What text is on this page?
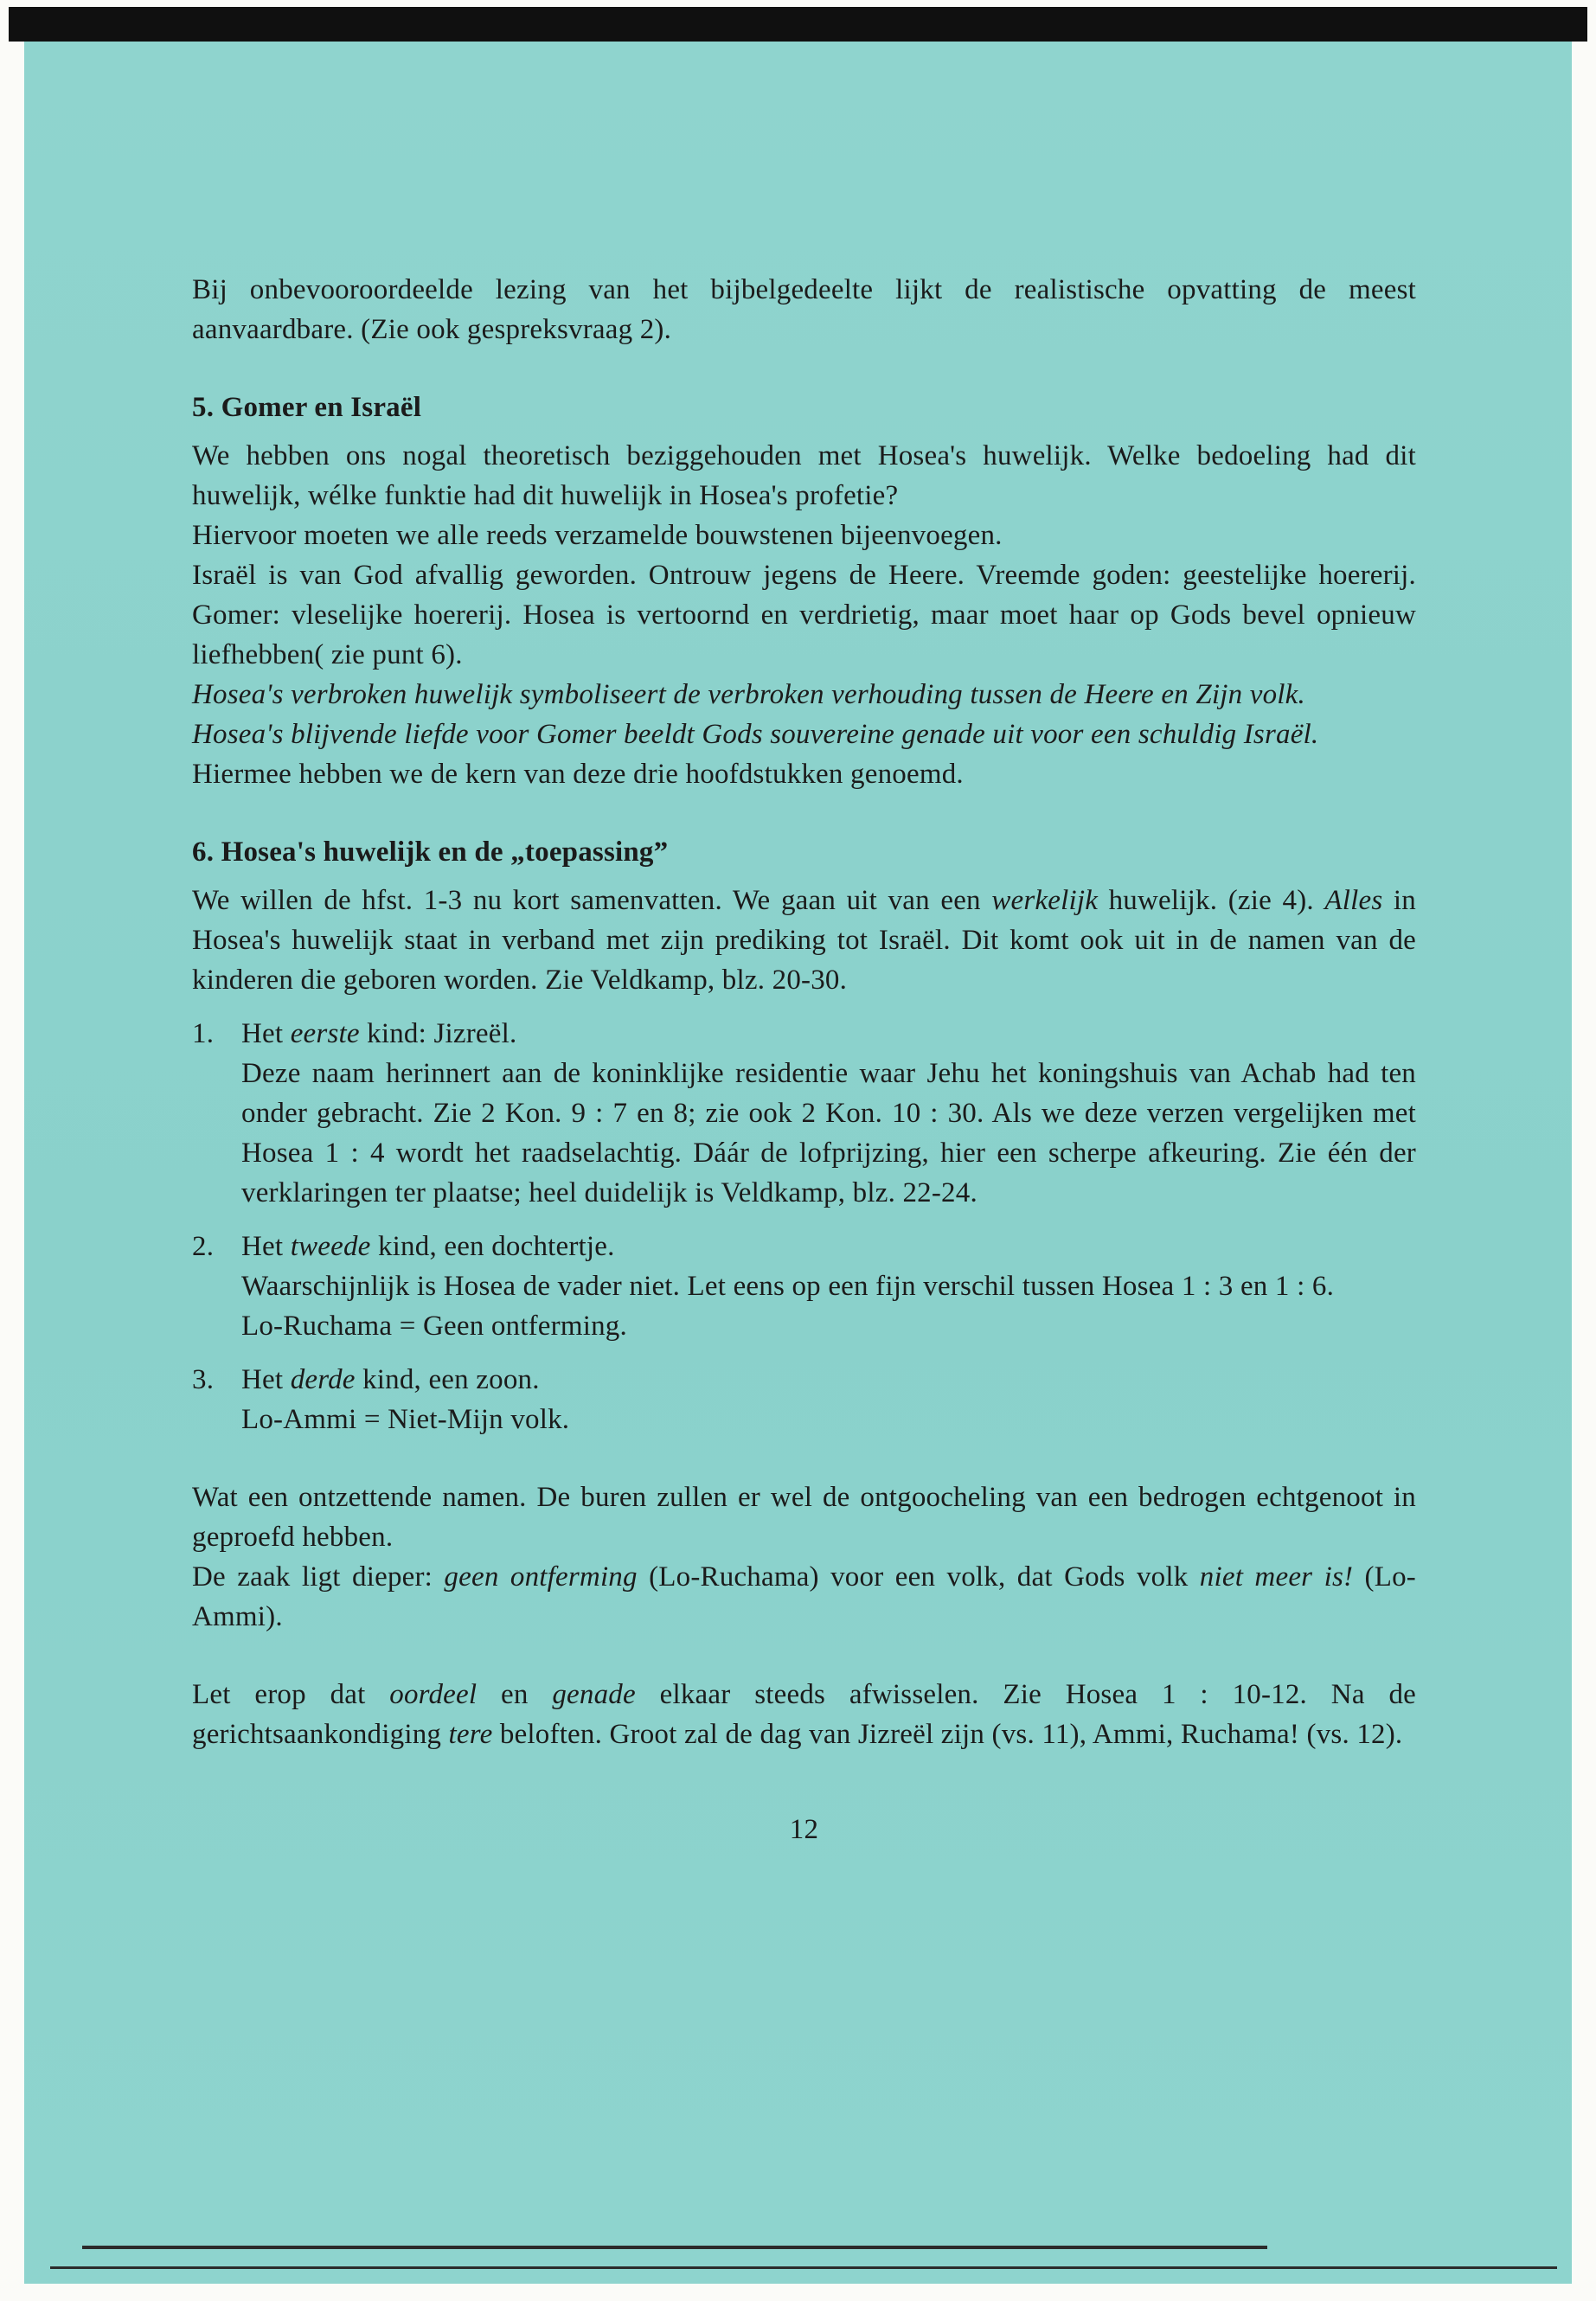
Bij onbevooroordeelde lezing van het bijbelgedeelte lijkt de realistische opvatting de meest aanvaardbare. (Zie ook gespreksvraag 2).
5. Gomer en Israël
We hebben ons nogal theoretisch beziggehouden met Hosea's huwelijk. Welke bedoeling had dit huwelijk, wélke funktie had dit huwelijk in Hosea's profetie?
Hiervoor moeten we alle reeds verzamelde bouwstenen bijeenvoegen.
Israël is van God afvallig geworden. Ontrouw jegens de Heere. Vreemde goden: geestelijke hoererij. Gomer: vleselijke hoererij. Hosea is vertoornd en verdrietig, maar moet haar op Gods bevel opnieuw liefhebben( zie punt 6).
Hosea's verbroken huwelijk symboliseert de verbroken verhouding tussen de Heere en Zijn volk.
Hosea's blijvende liefde voor Gomer beeldt Gods souvereine genade uit voor een schuldig Israël.
Hiermee hebben we de kern van deze drie hoofdstukken genoemd.
6. Hosea's huwelijk en de „toepassing”
We willen de hfst. 1-3 nu kort samenvatten. We gaan uit van een werkelijk huwelijk. (zie 4). Alles in Hosea's huwelijk staat in verband met zijn prediking tot Israël. Dit komt ook uit in de namen van de kinderen die geboren worden. Zie Veldkamp, blz. 20-30.
1. Het eerste kind: Jizreël.
Deze naam herinnert aan de koninklijke residentie waar Jehu het koningshuis van Achab had ten onder gebracht. Zie 2 Kon. 9 : 7 en 8; zie ook 2 Kon. 10 : 30. Als we deze verzen vergelijken met Hosea 1 : 4 wordt het raadselachtig. Dáár de lofprijzing, hier een scherpe afkeuring. Zie één der verklaringen ter plaatse; heel duidelijk is Veldkamp, blz. 22-24.
2. Het tweede kind, een dochtertje.
Waarschijnlijk is Hosea de vader niet. Let eens op een fijn verschil tussen Hosea 1 : 3 en 1 : 6.
Lo-Ruchama = Geen ontferming.
3. Het derde kind, een zoon.
Lo-Ammi = Niet-Mijn volk.
Wat een ontzettende namen. De buren zullen er wel de ontgoocheling van een bedrogen echtgenoot in geproefd hebben.
De zaak ligt dieper: geen ontferming (Lo-Ruchama) voor een volk, dat Gods volk niet meer is! (Lo-Ammi).
Let erop dat oordeel en genade elkaar steeds afwisselen. Zie Hosea 1 : 10-12. Na de gerichtsaankondiging tere beloften. Groot zal de dag van Jizreël zijn (vs. 11), Ammi, Ruchama! (vs. 12).
12
